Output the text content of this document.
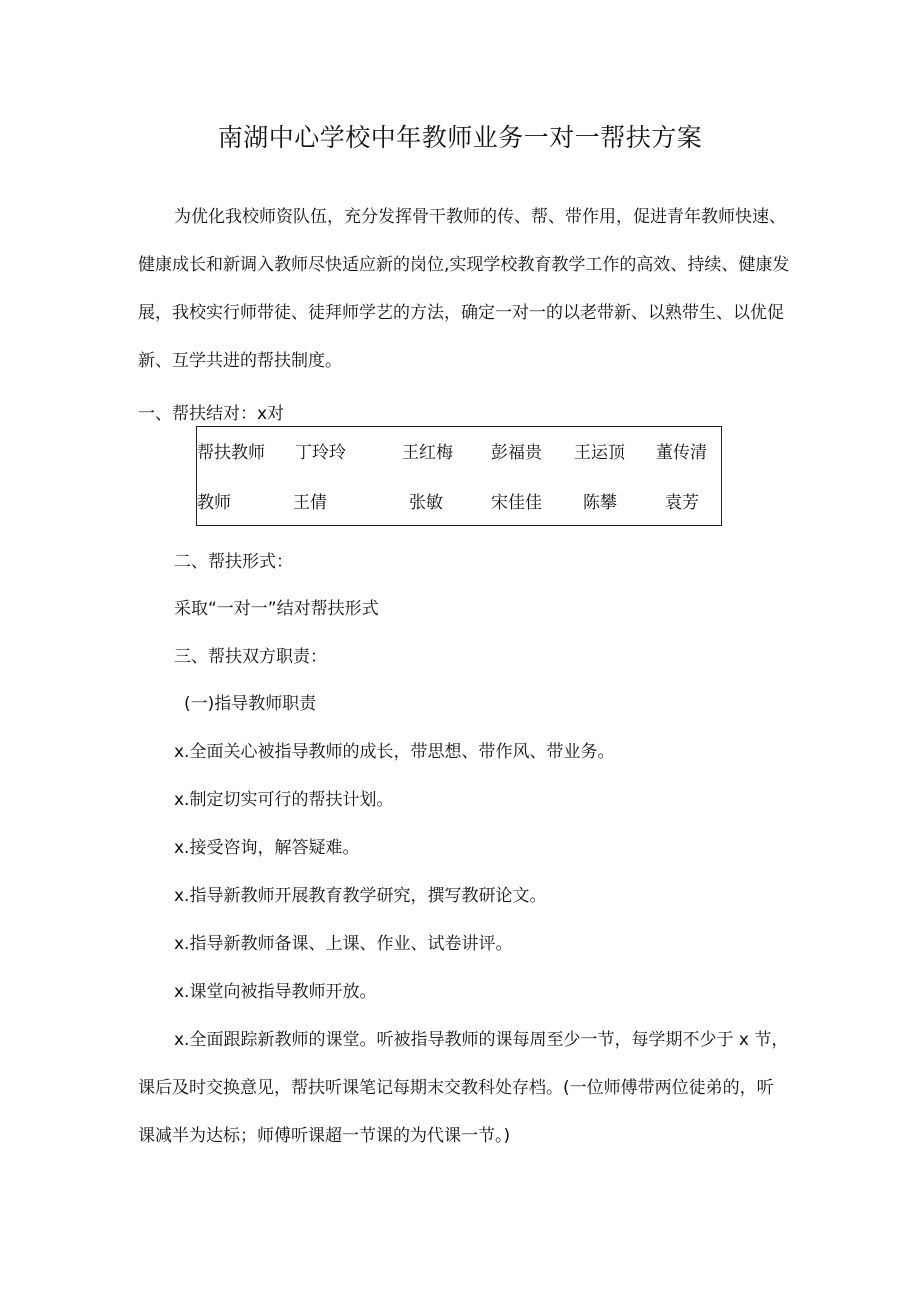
南湖中心学校中年教师业务一对一帮扶方案

为优化我校师资队伍，充分发挥骨干教师的传、帮、带作用，促进青年教师快速、健康成长和新调入教师尽快适应新的岗位,实现学校教育教学工作的高效、持续、健康发展，我校实行师带徒、徒拜师学艺的方法，确定一对一的以老带新、以熟带生、以优促新、互学共进的帮扶制度。

一、帮扶结对：x对
帮扶教师 丁玲玲	王红梅 彭福贵 王运顶 董传清
教师	王倩	张敏	宋佳佳 陈攀	袁芳
二、帮扶形式：
采取“一对一”结对帮扶形式
三、帮扶双方职责：
(一)指导教师职责
x.全面关心被指导教师的成长，带思想、带作风、带业务。
x.制定切实可行的帮扶计划。
x.接受咨询，解答疑难。
x.指导新教师开展教育教学研究，撰写教研论文。
x.指导新教师备课、上课、作业、试卷讲评。
x.课堂向被指导教师开放。

x.全面跟踪新教师的课堂。听被指导教师的课每周至少一节，每学期不少于 x 节，课后及时交换意见，帮扶听课笔记每期末交教科处存档。(一位师傅带两位徒弟的，听课减半为达标；师傅听课超一节课的为代课一节。)
